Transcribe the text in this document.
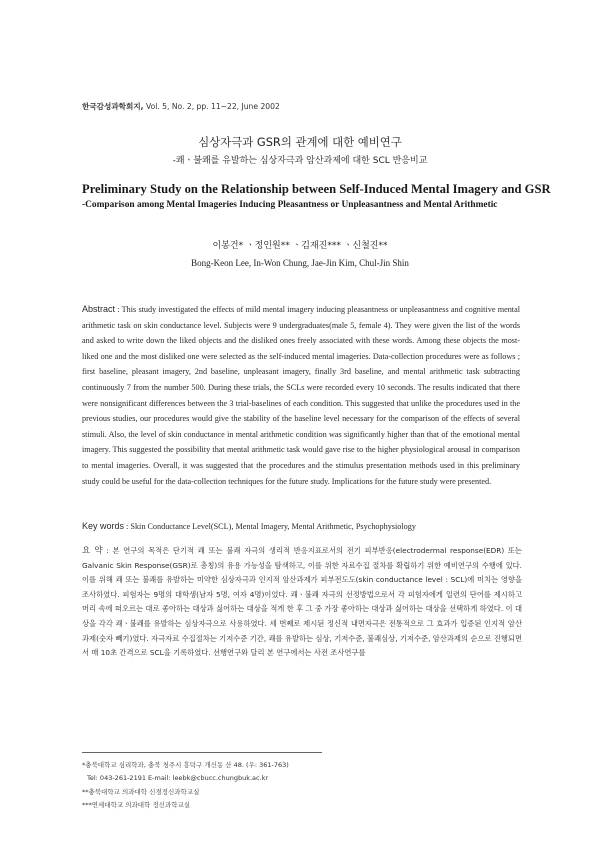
한국감성과학회지, Vol. 5, No. 2, pp. 11~22, June 2002
심상자극과 GSR의 관계에 대한 예비연구
-쾌ㆍ불쾌를 유발하는 심상자극과 암산과제에 대한 SCL 반응비교
Preliminary Study on the Relationship between Self-Induced Mental Imagery and GSR
-Comparison among Mental Imageries Inducing Pleasantness or Unpleasantness and Mental Arithmetic
이봉건* ㆍ정인원** ㆍ김재진*** ㆍ신철진**
Bong-Keon Lee, In-Won Chung, Jae-Jin Kim, Chul-Jin Shin
Abstract : This study investigated the effects of mild mental imagery inducing pleasantness or unpleasantness and cognitive mental arithmetic task on skin conductance level. Subjects were 9 undergraduates(male 5, female 4). They were given the list of the words and asked to write down the liked objects and the disliked ones freely associated with these words. Among these objects the most-liked one and the most disliked one were selected as the self-induced mental imageries. Data-collection procedures were as follows ; first baseline, pleasant imagery, 2nd baseline, unpleasant imagery, finally 3rd baseline, and mental arithmetic task subtracting continuously 7 from the number 500. During these trials, the SCLs were recorded every 10 seconds. The results indicated that there were nonsignificant differences between the 3 trial-baselines of each condition. This suggested that unlike the procedures used in the previous studies, our procedures would give the stability of the baseline level necessary for the comparison of the effects of several stimuli. Also, the level of skin conductance in mental arithmetic condition was significantly higher than that of the emotional mental imagery. This suggested the possibility that mental arithmetic task would gave rise to the higher physiological arousal in comparison to mental imageries. Overall, it was suggested that the procedures and the stimulus presentation methods used in this preliminary study could be useful for the data-collection techniques for the future study. Implications for the future study were presented.
Key words : Skin Conductance Level(SCL), Mental Imagery, Mental Arithmetic, Psychophysiology
요 약 : 본 연구의 목적은 단기적 쾌 또는 불쾌 자극의 생리적 반응지표로서의 전기 피부반응(electrodermal response(EDR) 또는 Galvanic Skin Response(GSR)로 총칭)의 유용 가능성을 탐색하고, 이를 위한 자료수집 절차를 확립하기 위한 예비연구의 수행에 있다. 이를 위해 쾌 또는 불쾌를 유발하는 미약한 심상자극과 인지적 암산과제가 피부전도도(skin conductance level : SCL)에 미치는 영향을 조사하였다. 피험자는 9명의 대학생(남자 5명, 여자 4명)이었다. 쾌ㆍ불쾌 자극의 선정방법으로서 각 피험자에게 일련의 단어를 제시하고 머리 속에 떠오르는 대로 좋아하는 대상과 싫어하는 대상을 적게 한 후 그 중 가장 좋아하는 대상과 싫어하는 대상을 선택하게 하였다. 이 대상을 각각 쾌ㆍ불쾌를 유발하는 심상자극으로 사용하였다. 세 번째로 제시된 정신적 내면자극은 전통적으로 그 효과가 입증된 인지적 암산과제(숫자 빼기)였다. 자극자료 수집절차는 기저수준 기간, 쾌를 유발하는 심상, 기저수준, 불쾌심상, 기저수준, 암산과제의 순으로 진행되면서 매 10초 간격으로 SCL을 기록하였다. 선행연구와 달리 본 연구에서는 사전 조사연구를
*충북대학교 심리학과, 충북 청주시 흥덕구 개신동 산 48. (우: 361-763)
Tel: 043-261-2191 E-mail: leebk@cbucc.chungbuk.ac.kr
**충북대학교 의과대학 신경정신과학교실
***연세대학교 의과대학 정신과학교실
